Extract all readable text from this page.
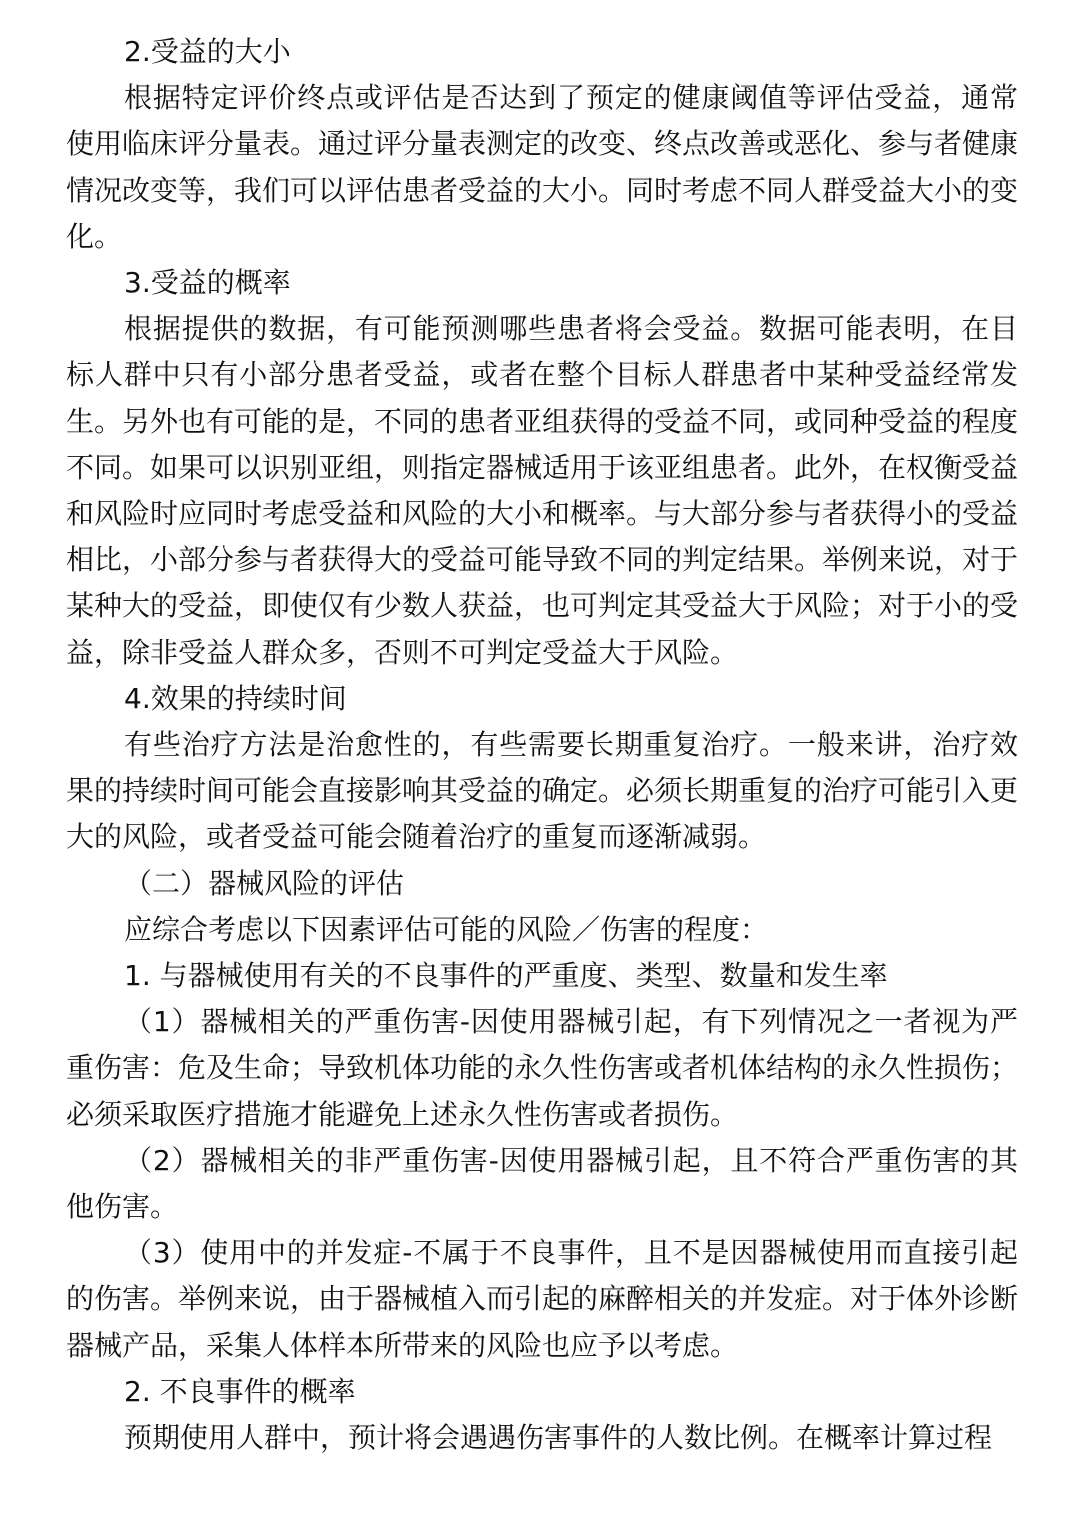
2.受益的大小
根据特定评价终点或评估是否达到了预定的健康阈值等评估受益，通常使用临床评分量表。通过评分量表测定的改变、终点改善或恶化、参与者健康情况改变等，我们可以评估患者受益的大小。同时考虑不同人群受益大小的变化。
3.受益的概率
根据提供的数据，有可能预测哪些患者将会受益。数据可能表明，在目标人群中只有小部分患者受益，或者在整个目标人群患者中某种受益经常发生。另外也有可能的是，不同的患者亚组获得的受益不同，或同种受益的程度不同。如果可以识别亚组，则指定器械适用于该亚组患者。此外，在权衡受益和风险时应同时考虑受益和风险的大小和概率。与大部分参与者获得小的受益相比，小部分参与者获得大的受益可能导致不同的判定结果。举例来说，对于某种大的受益，即使仅有少数人获益，也可判定其受益大于风险；对于小的受益，除非受益人群众多，否则不可判定受益大于风险。
4.效果的持续时间
有些治疗方法是治愈性的，有些需要长期重复治疗。一般来讲，治疗效果的持续时间可能会直接影响其受益的确定。必须长期重复的治疗可能引入更大的风险，或者受益可能会随着治疗的重复而逐渐减弱。
（二）器械风险的评估
应综合考虑以下因素评估可能的风险／伤害的程度：
1. 与器械使用有关的不良事件的严重度、类型、数量和发生率
（1）器械相关的严重伤害-因使用器械引起，有下列情况之一者视为严重伤害：危及生命；导致机体功能的永久性伤害或者机体结构的永久性损伤；必须采取医疗措施才能避免上述永久性伤害或者损伤。
（2）器械相关的非严重伤害-因使用器械引起，且不符合严重伤害的其他伤害。
（3）使用中的并发症-不属于不良事件，且不是因器械使用而直接引起的伤害。举例来说，由于器械植入而引起的麻醉相关的并发症。对于体外诊断器械产品，采集人体样本所带来的风险也应予以考虑。
2. 不良事件的概率
预期使用人群中，预计将会遇遇伤害事件的人数比例。在概率计算过程
